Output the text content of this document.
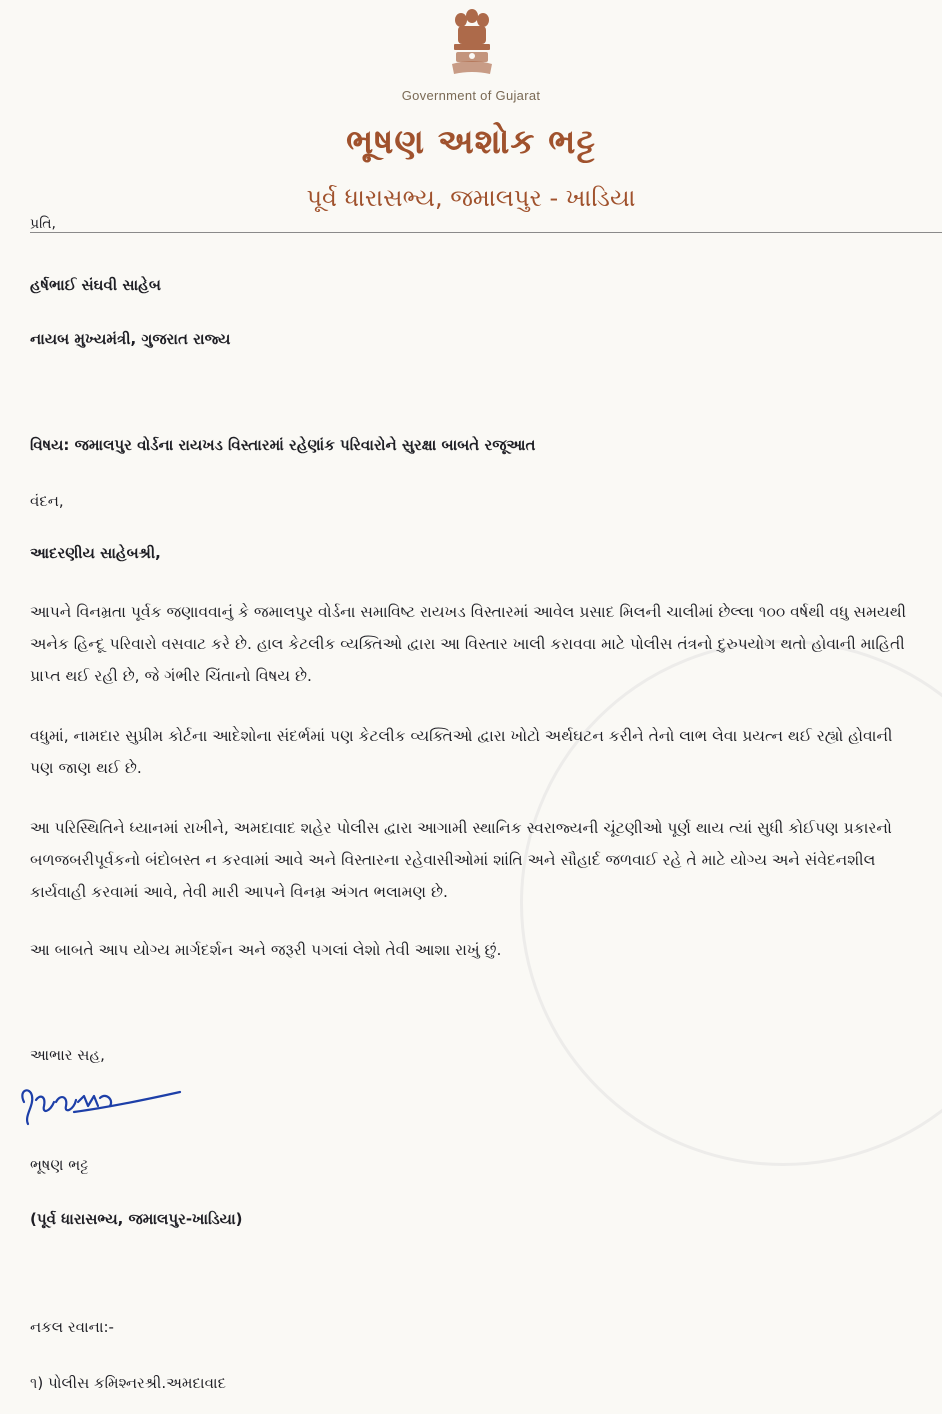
Government of Gujarat
ભૂષણ અશોક ભટ્ટ
પૂર્વ ધારાસભ્ય, જમાલપુર - ખાડિયા
પ્રતિ,
હર્ષભાઈ સંઘવી સાહેબ
નાયબ મુખ્યમંત્રી, ગુજરાત રાજ્ય
વિષય: જમાલપુર વોર્ડના રાયખડ વિસ્તારમાં રહેણાંક પરિવારોને સુરક્ષા બાબતે રજૂઆત
વંદન,
આદરણીય સાહેબશ્રી,
આપને વિનમ્રતા પૂર્વક જણાવવાનું કે જમાલપુર વોર્ડના સમાવિષ્ટ રાયખડ વિસ્તારમાં આવેલ પ્રસાદ મિલની ચાલીમાં છેલ્લા ૧૦૦ વર્ષથી વધુ સમયથી અનેક હિન્દૂ પરિવારો વસવાટ કરે છે. હાલ કેટલીક વ્યક્તિઓ દ્વારા આ વિસ્તાર ખાલી કરાવવા માટે પોલીસ તંત્રનો દુરુપયોગ થતો હોવાની માહિતી પ્રાપ્ત થઈ રહી છે, જે ગંભીર ચિંતાનો વિષય છે.
વધુમાં, નામદાર સુપ્રીમ કોર્ટના આદેશોના સંદર્ભમાં પણ કેટલીક વ્યક્તિઓ દ્વારા ખોટો અર્થઘટન કરીને તેનો લાભ લેવા પ્રયત્ન થઈ રહ્યો હોવાની પણ જાણ થઈ છે.
આ પરિસ્થિતિને ધ્યાનમાં રાખીને, અમદાવાદ શહેર પોલીસ દ્વારા આગામી સ્થાનિક સ્વરાજ્યની ચૂંટણીઓ પૂર્ણ થાય ત્યાં સુધી કોઈપણ પ્રકારનો બળજબરીપૂર્વકનો બંદોબસ્ત ન કરવામાં આવે અને વિસ્તારના રહેવાસીઓમાં શાંતિ અને સૌહાર્દ જળવાઈ રહે તે માટે યોગ્ય અને સંવેદનશીલ કાર્યવાહી કરવામાં આવે, તેવી મારી આપને વિનમ્ર અંગત ભલામણ છે.
આ બાબતે આપ યોગ્ય માર્ગદર્શન અને જરૂરી પગલાં લેશો તેવી આશા રાખું છું.
આભાર સહ,
ભૂષણ ભટ્ટ
(પૂર્વ ધારાસભ્ય, જમાલપુર-ખાડિયા)
નકલ રવાના:-
૧) પોલીસ કમિશ્નરશ્રી.અમદાવાદ
